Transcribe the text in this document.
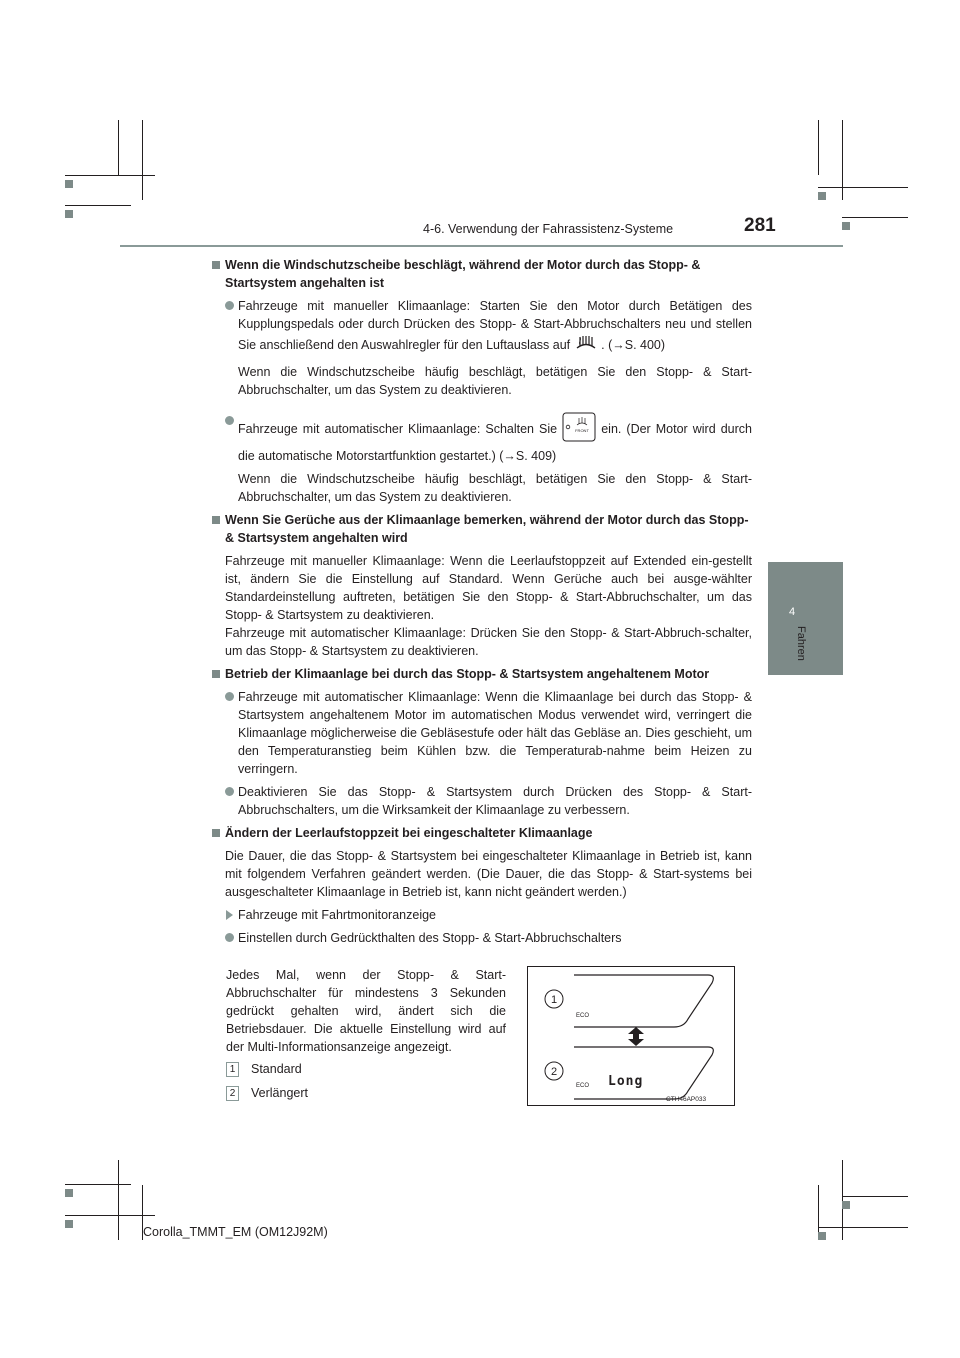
4-6. Verwendung der Fahrassistenz-Systeme	281
4
Fahren
Wenn die Windschutzscheibe beschlägt, während der Motor durch das Stopp- & Startsystem angehalten ist
Fahrzeuge mit manueller Klimaanlage: Starten Sie den Motor durch Betätigen des Kupplungspedals oder durch Drücken des Stopp- & Start-Abbruchschalters neu und stellen Sie anschließend den Auswahlregler für den Luftauslass auf . (→S. 400)
Wenn die Windschutzscheibe häufig beschlägt, betätigen Sie den Stopp- & Start-Abbruchschalter, um das System zu deaktivieren.
Fahrzeuge mit automatischer Klimaanlage: Schalten Sie	FRONT ein. (Der Motor wird durch die automatische Motorstartfunktion gestartet.) (→S. 409)
Wenn die Windschutzscheibe häufig beschlägt, betätigen Sie den Stopp- & Start-Abbruchschalter, um das System zu deaktivieren.
Wenn Sie Gerüche aus der Klimaanlage bemerken, während der Motor durch das Stopp- & Startsystem angehalten wird
Fahrzeuge mit manueller Klimaanlage: Wenn die Leerlaufstoppzeit auf Extended ein-gestellt ist, ändern Sie die Einstellung auf Standard. Wenn Gerüche auch bei ausge-wählter Standardeinstellung auftreten, betätigen Sie den Stopp- & Start-Abbruchschalter, um das Stopp- & Startsystem zu deaktivieren.
Fahrzeuge mit automatischer Klimaanlage: Drücken Sie den Stopp- & Start-Abbruch-schalter, um das Stopp- & Startsystem zu deaktivieren.
Betrieb der Klimaanlage bei durch das Stopp- & Startsystem angehaltenem Motor
Fahrzeuge mit automatischer Klimaanlage: Wenn die Klimaanlage bei durch das Stopp- & Startsystem angehaltenem Motor im automatischen Modus verwendet wird, verringert die Klimaanlage möglicherweise die Gebläsestufe oder hält das Gebläse an. Dies geschieht, um den Temperaturanstieg beim Kühlen bzw. die Temperaturab-nahme beim Heizen zu verringern.
Deaktivieren Sie das Stopp- & Startsystem durch Drücken des Stopp- & Start-Abbruchschalters, um die Wirksamkeit der Klimaanlage zu verbessern.
Ändern der Leerlaufstoppzeit bei eingeschalteter Klimaanlage
Die Dauer, die das Stopp- & Startsystem bei eingeschalteter Klimaanlage in Betrieb ist, kann mit folgendem Verfahren geändert werden. (Die Dauer, die das Stopp- & Start-systems bei ausgeschalteter Klimaanlage in Betrieb ist, kann nicht geändert werden.)
Fahrzeuge mit Fahrtmonitoranzeige
Einstellen durch Gedrückthalten des Stopp- & Start-Abbruchschalters
Jedes Mal, wenn der Stopp- & Start-Abbruchschalter für mindestens 3 Sekunden gedrückt gehalten wird, ändert sich die Betriebsdauer. Die aktuelle Einstellung wird auf der Multi-Informationsanzeige angezeigt.
1 Standard
2 Verlängert
1
ECO
2
ECO Long
CTH46AP033
Corolla_TMMT_EM (OM12J92M)
